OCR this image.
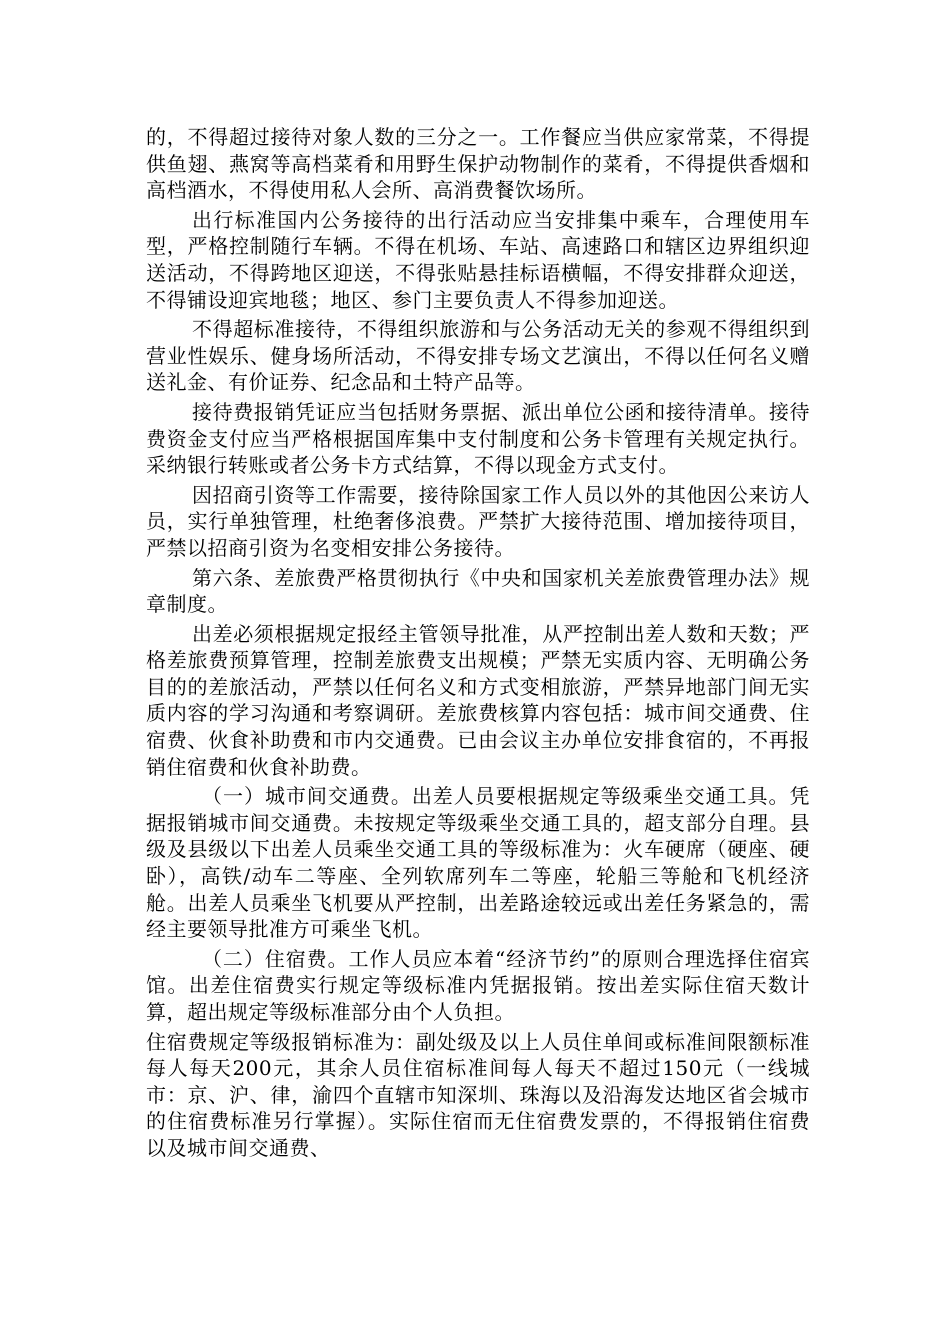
的，不得超过接待对象人数的三分之一。工作餐应当供应家常菜，不得提供鱼翅、燕窝等高档菜肴和用野生保护动物制作的菜肴，不得提供香烟和高档酒水，不得使用私人会所、高消费餐饮场所。

出行标准国内公务接待的出行活动应当安排集中乘车，合理使用车型，严格控制随行车辆。不得在机场、车站、高速路口和辖区边界组织迎送活动，不得跨地区迎送，不得张贴悬挂标语横幅，不得安排群众迎送，不得铺设迎宾地毯；地区、参门主要负责人不得参加迎送。

不得超标准接待，不得组织旅游和与公务活动无关的参观不得组织到营业性娱乐、健身场所活动，不得安排专场文艺演出，不得以任何名义赠送礼金、有价证券、纪念品和土特产品等。

接待费报销凭证应当包括财务票据、派出单位公函和接待清单。接待费资金支付应当严格根据国库集中支付制度和公务卡管理有关规定执行。采纳银行转账或者公务卡方式结算，不得以现金方式支付。

因招商引资等工作需要，接待除国家工作人员以外的其他因公来访人员，实行单独管理，杜绝奢侈浪费。严禁扩大接待范围、增加接待项目，严禁以招商引资为名变相安排公务接待。

第六条、差旅费严格贯彻执行《中央和国家机关差旅费管理办法》规章制度。

出差必须根据规定报经主管领导批准，从严控制出差人数和天数；严格差旅费预算管理，控制差旅费支出规模；严禁无实质内容、无明确公务目的的差旅活动，严禁以任何名义和方式变相旅游，严禁异地部门间无实质内容的学习沟通和考察调研。差旅费核算内容包括：城市间交通费、住宿费、伙食补助费和市内交通费。已由会议主办单位安排食宿的，不再报销住宿费和伙食补助费。

（一）城市间交通费。出差人员要根据规定等级乘坐交通工具。凭据报销城市间交通费。未按规定等级乘坐交通工具的，超支部分自理。县级及县级以下出差人员乘坐交通工具的等级标准为：火车硬席（硬座、硬卧），高铁/动车二等座、全列软席列车二等座，轮船三等舱和飞机经济舱。出差人员乘坐飞机要从严控制，出差路途较远或出差任务紧急的，需经主要领导批准方可乘坐飞机。

（二）住宿费。工作人员应本着“经济节约”的原则合理选择住宿宾馆。出差住宿费实行规定等级标准内凭据报销。按出差实际住宿天数计算，超出规定等级标准部分由个人负担。

住宿费规定等级报销标准为：副处级及以上人员住单间或标准间限额标准每人每天200元，其余人员住宿标准间每人每天不超过150元（一线城市：京、沪、律，渝四个直辖市知深圳、珠海以及沿海发达地区省会城市的住宿费标准另行掌握）。实际住宿而无住宿费发票的，不得报销住宿费以及城市间交通费、
